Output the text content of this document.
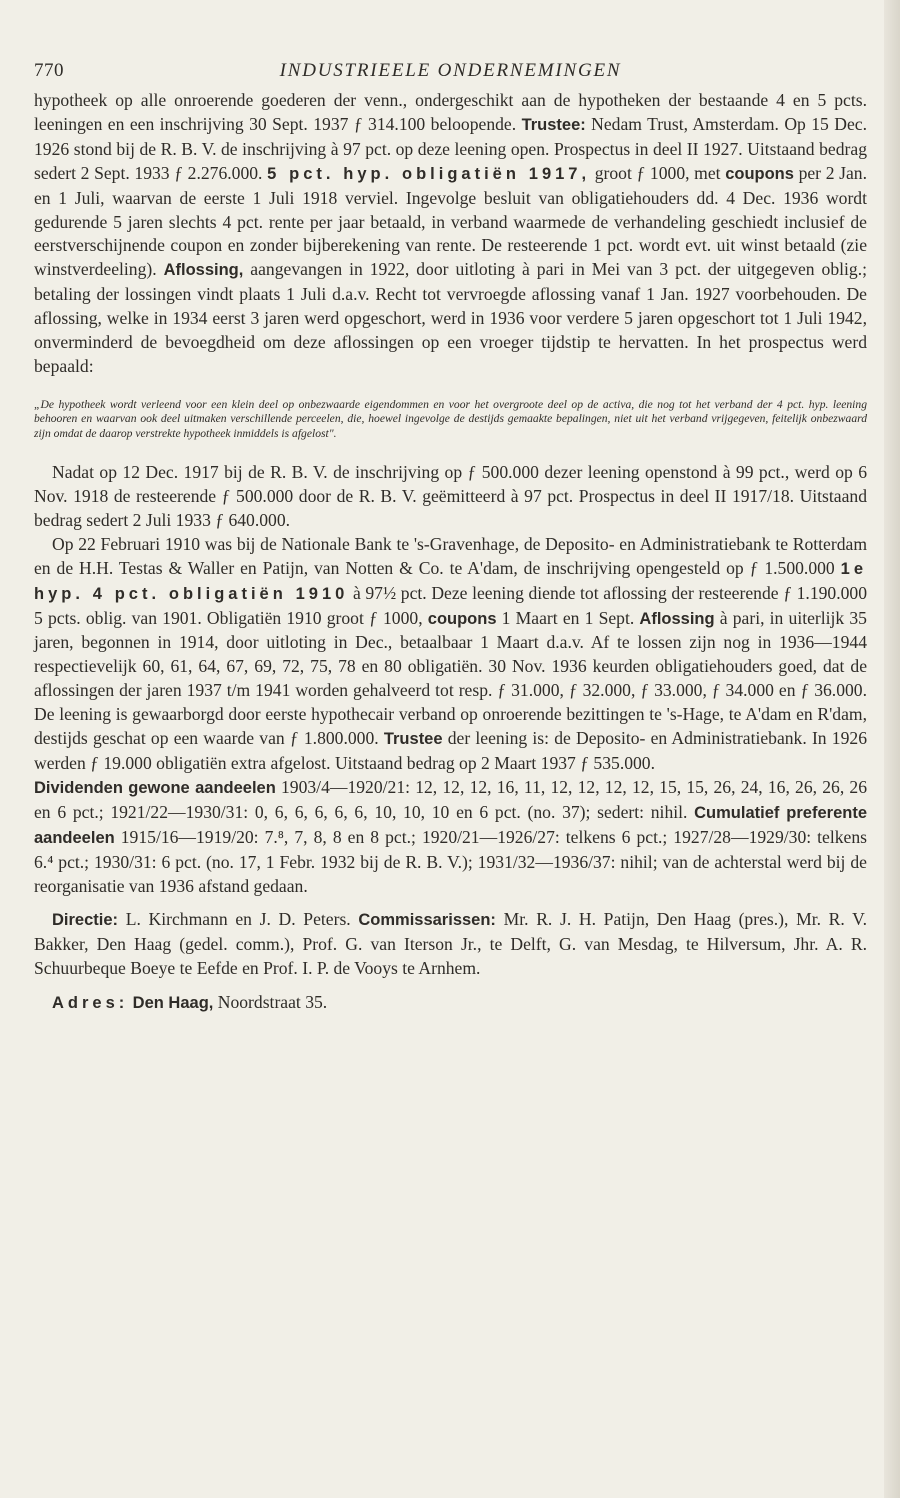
770	INDUSTRIEELE ONDERNEMINGEN

hypotheek op alle onroerende goederen der venn., ondergeschikt aan de hypotheken der bestaande 4 en 5 pcts. leeningen en een inschrijving 30 Sept. 1937 ƒ 314.100 beloopende. Trustee: Nedam Trust, Amsterdam. Op 15 Dec. 1926 stond bij de R. B. V. de inschrijving à 97 pct. op deze leening open. Prospectus in deel II 1927. Uitstaand bedrag sedert 2 Sept. 1933 ƒ 2.276.000. 5 pct. hyp. obligatiën 1917, groot ƒ 1000, met coupons per 2 Jan. en 1 Juli, waarvan de eerste 1 Juli 1918 verviel. Ingevolge besluit van obligatiehouders dd. 4 Dec. 1936 wordt gedurende 5 jaren slechts 4 pct. rente per jaar betaald, in verband waarmede de verhandeling geschiedt inclusief de eerstverschijnende coupon en zonder bijberekening van rente. De resteerende 1 pct. wordt evt. uit winst betaald (zie winstverdeeling). Aflossing, aangevangen in 1922, door uitloting à pari in Mei van 3 pct. der uitgegeven oblig.; betaling der lossingen vindt plaats 1 Juli d.a.v. Recht tot vervroegde aflossing vanaf 1 Jan. 1927 voorbehouden. De aflossing, welke in 1934 eerst 3 jaren werd opgeschort, werd in 1936 voor verdere 5 jaren opgeschort tot 1 Juli 1942, onverminderd de bevoegdheid om deze aflossingen op een vroeger tijdstip te hervatten. In het prospectus werd bepaald:

„De hypotheek wordt verleend voor een klein deel op onbezwaarde eigendommen en voor het overgroote deel op de activa, die nog tot het verband der 4 pct. hyp. leening behooren en waarvan ook deel uitmaken verschillende perceelen, die, hoewel ingevolge de destijds gemaakte bepalingen, niet uit het verband vrijgegeven, feitelijk onbezwaard zijn omdat de daarop verstrekte hypotheek inmiddels is afgelost".

Nadat op 12 Dec. 1917 bij de R. B. V. de inschrijving op ƒ 500.000 dezer leening openstond à 99 pct., werd op 6 Nov. 1918 de resteerende ƒ 500.000 door de R. B. V. geëmitteerd à 97 pct. Prospectus in deel II 1917/18. Uitstaand bedrag sedert 2 Juli 1933 ƒ 640.000.

Op 22 Februari 1910 was bij de Nationale Bank te 's-Gravenhage, de Deposito- en Administratiebank te Rotterdam en de H.H. Testas & Waller en Patijn, van Notten & Co. te A'dam, de inschrijving opengesteld op ƒ 1.500.000 1e hyp. 4 pct. obligatiën 1910 à 97½ pct. Deze leening diende tot aflossing der resteerende ƒ 1.190.000 5 pcts. oblig. van 1901. Obligatiën 1910 groot ƒ 1000, coupons 1 Maart en 1 Sept. Aflossing à pari, in uiterlijk 35 jaren, begonnen in 1914, door uitloting in Dec., betaalbaar 1 Maart d.a.v. Af te lossen zijn nog in 1936—1944 respectievelijk 60, 61, 64, 67, 69, 72, 75, 78 en 80 obligatiën. 30 Nov. 1936 keurden obligatiehouders goed, dat de aflossingen der jaren 1937 t/m 1941 worden gehalveerd tot resp. ƒ 31.000, ƒ 32.000, ƒ 33.000, ƒ 34.000 en ƒ 36.000. De leening is gewaarborgd door eerste hypothecair verband op onroerende bezittingen te 's-Hage, te A'dam en R'dam, destijds geschat op een waarde van ƒ 1.800.000. Trustee der leening is: de Deposito- en Administratiebank. In 1926 werden ƒ 19.000 obligatiën extra afgelost. Uitstaand bedrag op 2 Maart 1937 ƒ 535.000.

Dividenden gewone aandeelen 1903/4—1920/21: 12, 12, 12, 16, 11, 12, 12, 12, 12, 15, 15, 26, 24, 16, 26, 26, 26 en 6 pct.; 1921/22—1930/31: 0, 6, 6, 6, 6, 6, 10, 10, 10 en 6 pct. (no. 37); sedert: nihil. Cumulatief preferente aandeelen 1915/16—1919/20: 7.⁸, 7, 8, 8 en 8 pct.; 1920/21—1926/27: telkens 6 pct.; 1927/28—1929/30: telkens 6.⁴ pct.; 1930/31: 6 pct. (no. 17, 1 Febr. 1932 bij de R. B. V.); 1931/32—1936/37: nihil; van de achterstal werd bij de reorganisatie van 1936 afstand gedaan.

Directie: L. Kirchmann en J. D. Peters. Commissarissen: Mr. R. J. H. Patijn, Den Haag (pres.), Mr. R. V. Bakker, Den Haag (gedel. comm.), Prof. G. van Iterson Jr., te Delft, G. van Mesdag, te Hilversum, Jhr. A. R. Schuurbeque Boeye te Eefde en Prof. I. P. de Vooys te Arnhem.

Adres: Den Haag, Noordstraat 35.
